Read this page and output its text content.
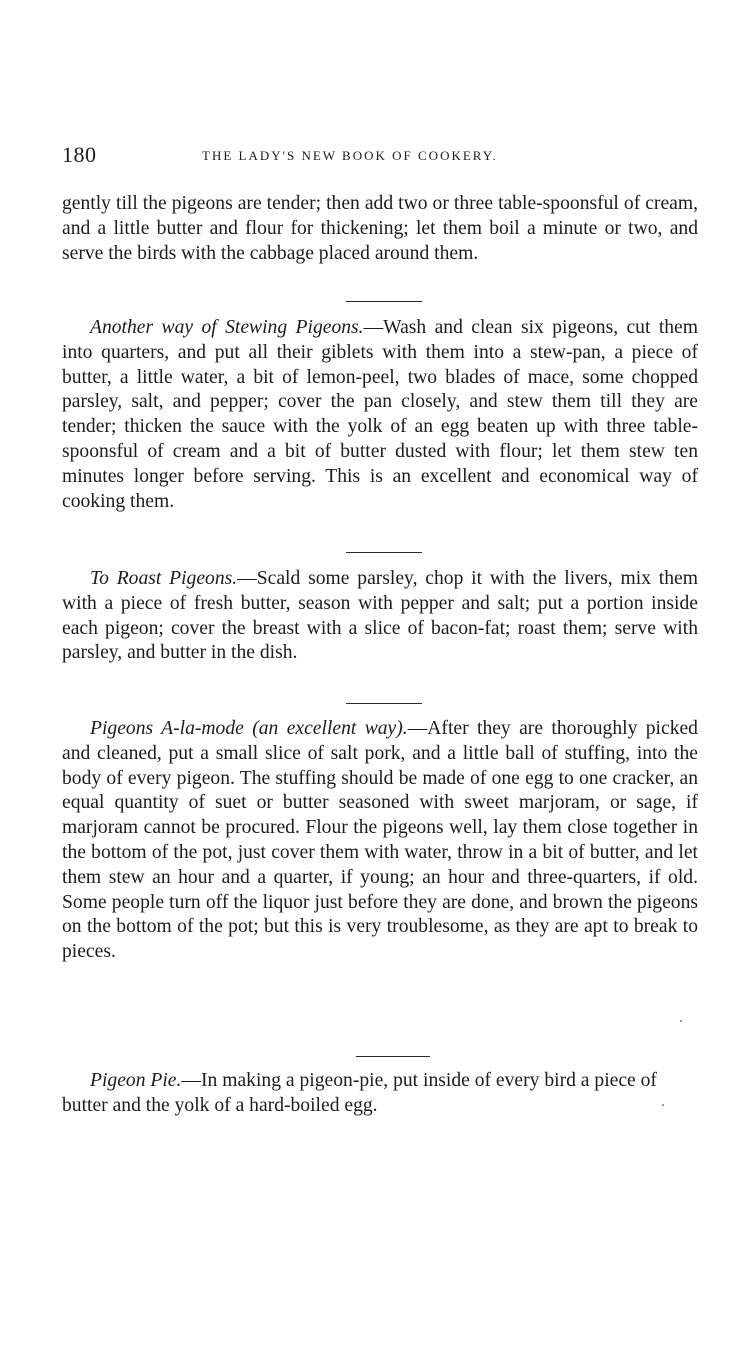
180	THE LADY'S NEW BOOK OF COOKERY.

gently till the pigeons are tender; then add two or three table-spoonsful of cream, and a little butter and flour for thickening; let them boil a minute or two, and serve the birds with the cabbage placed around them.

Another way of Stewing Pigeons.—Wash and clean six pigeons, cut them into quarters, and put all their giblets with them into a stew-pan, a piece of butter, a little water, a bit of lemon-peel, two blades of mace, some chopped parsley, salt, and pepper; cover the pan closely, and stew them till they are tender; thicken the sauce with the yolk of an egg beaten up with three table-spoonsful of cream and a bit of butter dusted with flour; let them stew ten minutes longer before serving. This is an excellent and economical way of cooking them.

To Roast Pigeons.—Scald some parsley, chop it with the livers, mix them with a piece of fresh butter, season with pepper and salt; put a portion inside each pigeon; cover the breast with a slice of bacon-fat; roast them; serve with parsley, and butter in the dish.

Pigeons A-la-mode (an excellent way).—After they are thoroughly picked and cleaned, put a small slice of salt pork, and a little ball of stuffing, into the body of every pigeon. The stuffing should be made of one egg to one cracker, an equal quantity of suet or butter seasoned with sweet marjoram, or sage, if marjoram cannot be procured. Flour the pigeons well, lay them close together in the bottom of the pot, just cover them with water, throw in a bit of butter, and let them stew an hour and a quarter, if young; an hour and three-quarters, if old. Some people turn off the liquor just before they are done, and brown the pigeons on the bottom of the pot; but this is very troublesome, as they are apt to break to pieces.

Pigeon Pie.—In making a pigeon-pie, put inside of every bird a piece of butter and the yolk of a hard-boiled egg.
